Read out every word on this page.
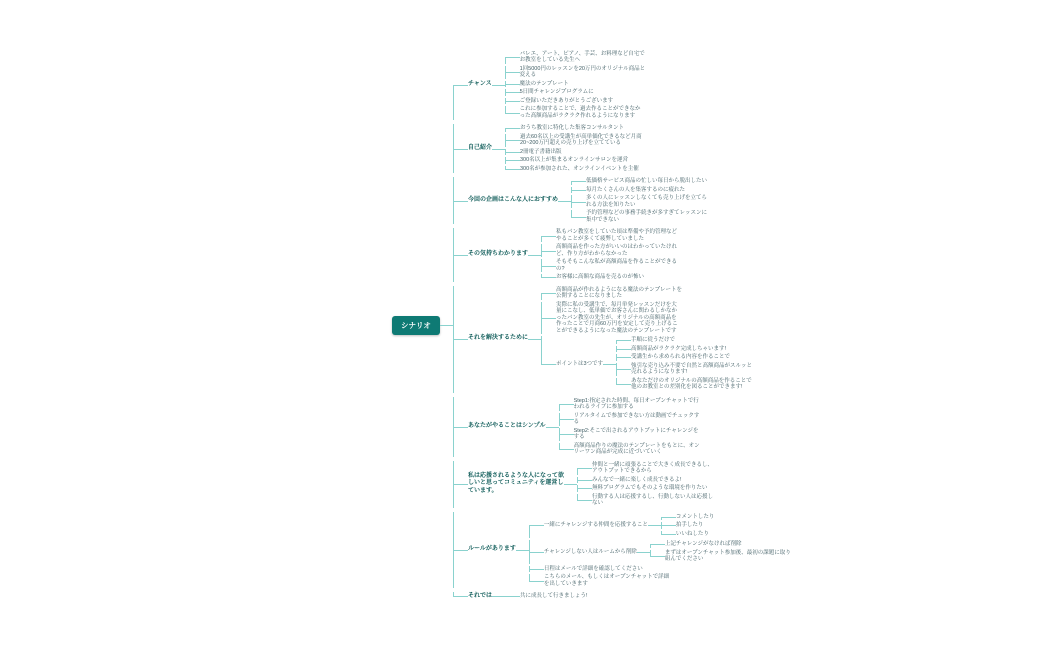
シナリオ
チャンス
バレエ、アート、ピアノ、手芸、お料理など自宅でお教室をしている先生へ
1回5000円のレッスンを20万円のオリジナル商品と変える
魔法のテンプレート
5日間チャレンジプログラムに
ご登録いただきありがとうございます
これに参加することで、過去作ることができなかった高額商品がラクラク作れるようになります
自己紹介
おうち教室に特化した集客コンサルタント
過去60名以上の受講生が高単価化できるなど月商20~200万円超えの売り上げを立てている
2冊電子書籍出版
300名以上が集まるオンラインサロンを運営
300名が参加された、オンラインイベントを主催
今回の企画はこんな人におすすめ
低価格サービス商品の忙しい毎日から脱出したい
毎月たくさんの人を集客するのに疲れた
多くの人にレッスンしなくても売り上げを立てられる方法を知りたい
予約管理などの事務手続きが多すぎてレッスンに集中できない
その気持ちわかります
私もパン教室をしていた頃は準備や予約管理などやることが多くて疲弊していました
高額商品を作った方がいいのはわかっていたけれど、作り方がわからなかった
そもそもこんな私が高額商品を作ることができるの?
お客様に高額な商品を売るのが怖い
それを解決するために
高額商品が作れるようになる魔法のテンプレートを公開することになりました
実際に私の受講生で、毎月単発レッスンだけを大量にこなし、低単価でお客さんに関わるしかなかったパン教室の先生が、オリジナルの高額商品を作ったことで月商60万円を安定して売り上げることができるようになった魔法のテンプレートです
ポイントは3つです
手順に従うだけで
高額商品がラクラク完成しちゃいます!
受講生から求められる内容を作ることで
強引な売り込み不要で自然と高額商品がスルッと売れるようになります!
あなただけのオリジナルの高額商品を作ることで他のお教室との差別化を図ることができます!
あなたがやることはシンプル
Step1:指定された時間、毎日オープンチャットで行われるライブに参加する
リアルタイムで参加できない方は動画でチェックする
Step2:そこで出されるアウトプットにチャレンジをする
高額商品作りの魔法のテンプレートをもとに、オンリーワン商品が完成に近づいていく
私は応援されるような人になって欲しいと思ってコミュニティを運営しています。
仲間と一緒に頑張ることで大きく成長できるし、アウトプットできるから
みんなで一緒に楽しく成長できるよ!
無料プログラムでもそのような環境を作りたい
行動する人は応援するし、行動しない人は応援しない
ルールがあります
一緒にチャレンジする仲間を応援すること
コメントしたり
拍手したり
いいねしたり
チャレンジしない人はルームから削除
上記チャレンジがなければ削除
まずはオープンチャット参加後、最初の課題に取り組んでください
日程はメールで詳細を確認してください
こちらのメール、もしくはオープンチャットで詳細を出していきます
それでは	共に成長して行きましょう!
